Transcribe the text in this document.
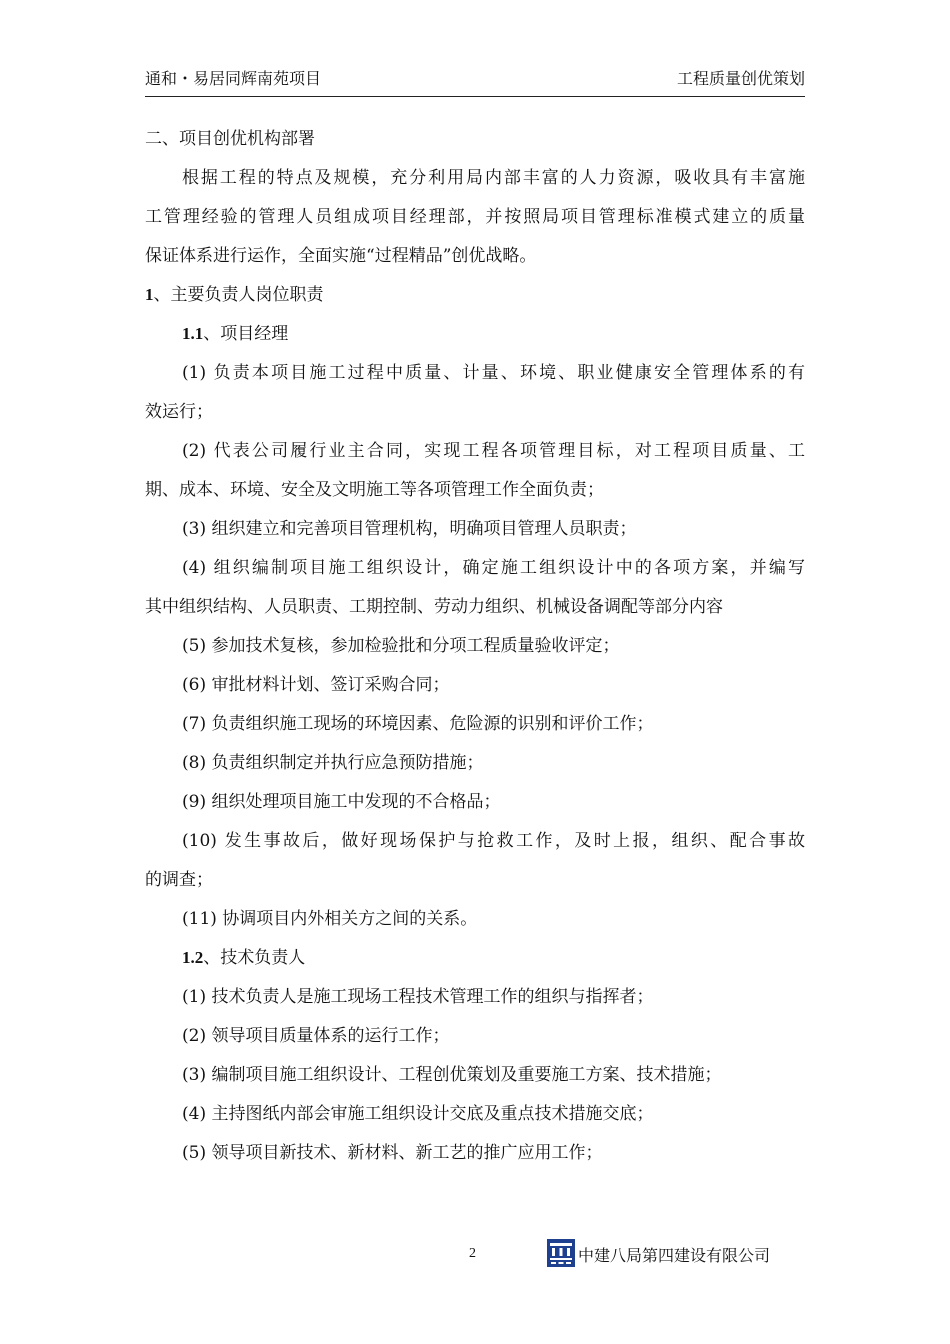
通和・易居同辉南苑项目	工程质量创优策划
二、项目创优机构部署
根据工程的特点及规模，充分利用局内部丰富的人力资源，吸收具有丰富施
工管理经验的管理人员组成项目经理部，并按照局项目管理标准模式建立的质量
保证体系进行运作，全面实施“过程精品”创优战略。
1、主要负责人岗位职责
1.1、项目经理
(1) 负责本项目施工过程中质量、计量、环境、职业健康安全管理体系的有
效运行；
(2) 代表公司履行业主合同，实现工程各项管理目标，对工程项目质量、工
期、成本、环境、安全及文明施工等各项管理工作全面负责；
(3) 组织建立和完善项目管理机构，明确项目管理人员职责；
(4) 组织编制项目施工组织设计，确定施工组织设计中的各项方案，并编写
其中组织结构、人员职责、工期控制、劳动力组织、机械设备调配等部分内容
(5) 参加技术复核，参加检验批和分项工程质量验收评定；
(6) 审批材料计划、签订采购合同；
(7) 负责组织施工现场的环境因素、危险源的识别和评价工作；
(8) 负责组织制定并执行应急预防措施；
(9) 组织处理项目施工中发现的不合格品；
(10) 发生事故后，做好现场保护与抢救工作，及时上报，组织、配合事故
的调查；
(11) 协调项目内外相关方之间的关系。
1.2、技术负责人
(1) 技术负责人是施工现场工程技术管理工作的组织与指挥者；
(2) 领导项目质量体系的运行工作；
(3) 编制项目施工组织设计、工程创优策划及重要施工方案、技术措施；
(4) 主持图纸内部会审施工组织设计交底及重点技术措施交底；
(5) 领导项目新技术、新材料、新工艺的推广应用工作；
2	中建八局第四建设有限公司
